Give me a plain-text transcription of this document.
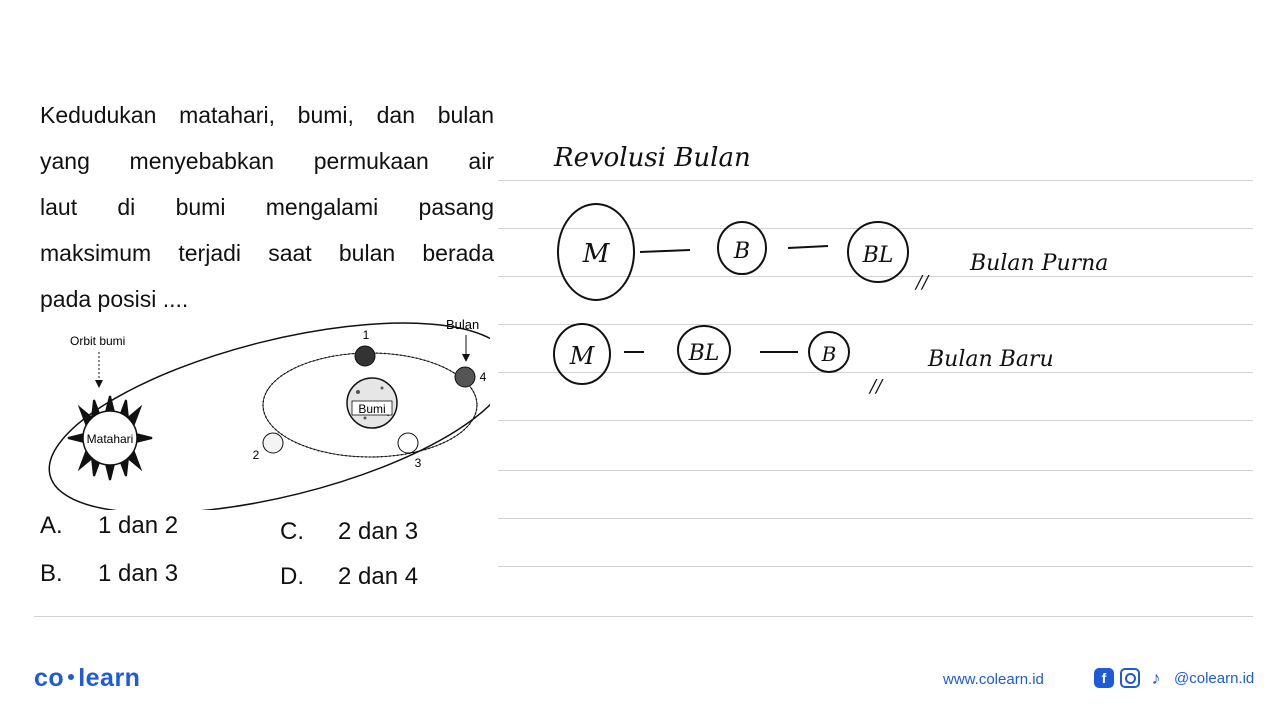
Kedudukan matahari, bumi, dan bulan
yang menyebabkan permukaan air
laut di bumi mengalami pasang
maksimum terjadi saat bulan berada
pada posisi ....
Orbit bumi
Bulan
Matahari
Bumi
1
2
3
4
A. 1 dan 2
B. 1 dan 3
C. 2 dan 3
D. 2 dan 4
Revolusi Bulan
M	B	BL
//
Bulan Purna
M	BL	B
//
Bulan Baru
co learn	www.colearn.id	f	♪ @colearn.id
